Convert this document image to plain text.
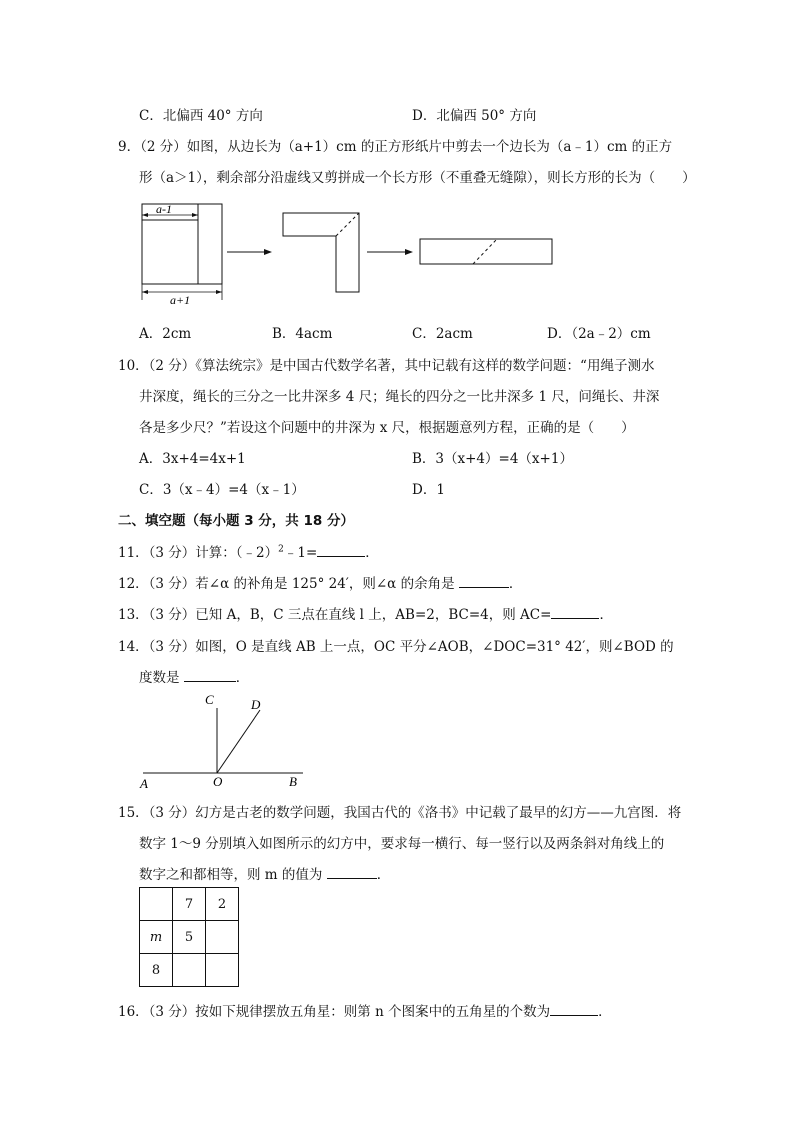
C．北偏西 40° 方向	D．北偏西 50° 方向
9．（2 分）如图，从边长为（a+1）cm 的正方形纸片中剪去一个边长为（a﹣1）cm 的正方
形（a＞1），剩余部分沿虚线又剪拼成一个长方形（不重叠无缝隙），则长方形的长为（　　）
a-1
a+1
A．2cm	B．4acm	C．2acm	D．（2a﹣2）cm
10．（2 分）《算法统宗》是中国古代数学名著，其中记载有这样的数学问题：“用绳子测水
井深度，绳长的三分之一比井深多 4 尺；绳长的四分之一比井深多 1 尺，问绳长、井深
各是多少尺？”若设这个问题中的井深为 x 尺，根据题意列方程，正确的是（　　）
A．3x+4=4x+1	B．3（x+4）=4（x+1）
C．3（x﹣4）=4（x﹣1）	D．1
二、填空题（每小题 3 分，共 18 分）
11．（3 分）计算：（﹣2）$^2$﹣1=	．
12．（3 分）若∠α 的补角是 125° 24′，则∠α 的余角是	．
13．（3 分）已知 A，B，C 三点在直线 l 上，AB=2，BC=4，则 AC=	．
14．（3 分）如图，O 是直线 AB 上一点，OC 平分∠AOB，∠DOC=31° 42′，则∠BOD 的
度数是	．
C	D
A	O	B
15．（3 分）幻方是古老的数学问题，我国古代的《洛书》中记载了最早的幻方——九宫图．将
数字 1～9 分别填入如图所示的幻方中，要求每一横行、每一竖行以及两条斜对角线上的
数字之和都相等，则 m 的值为	．
	7	2
m	5	
8		
16．（3 分）按如下规律摆放五角星：则第 n 个图案中的五角星的个数为	．
